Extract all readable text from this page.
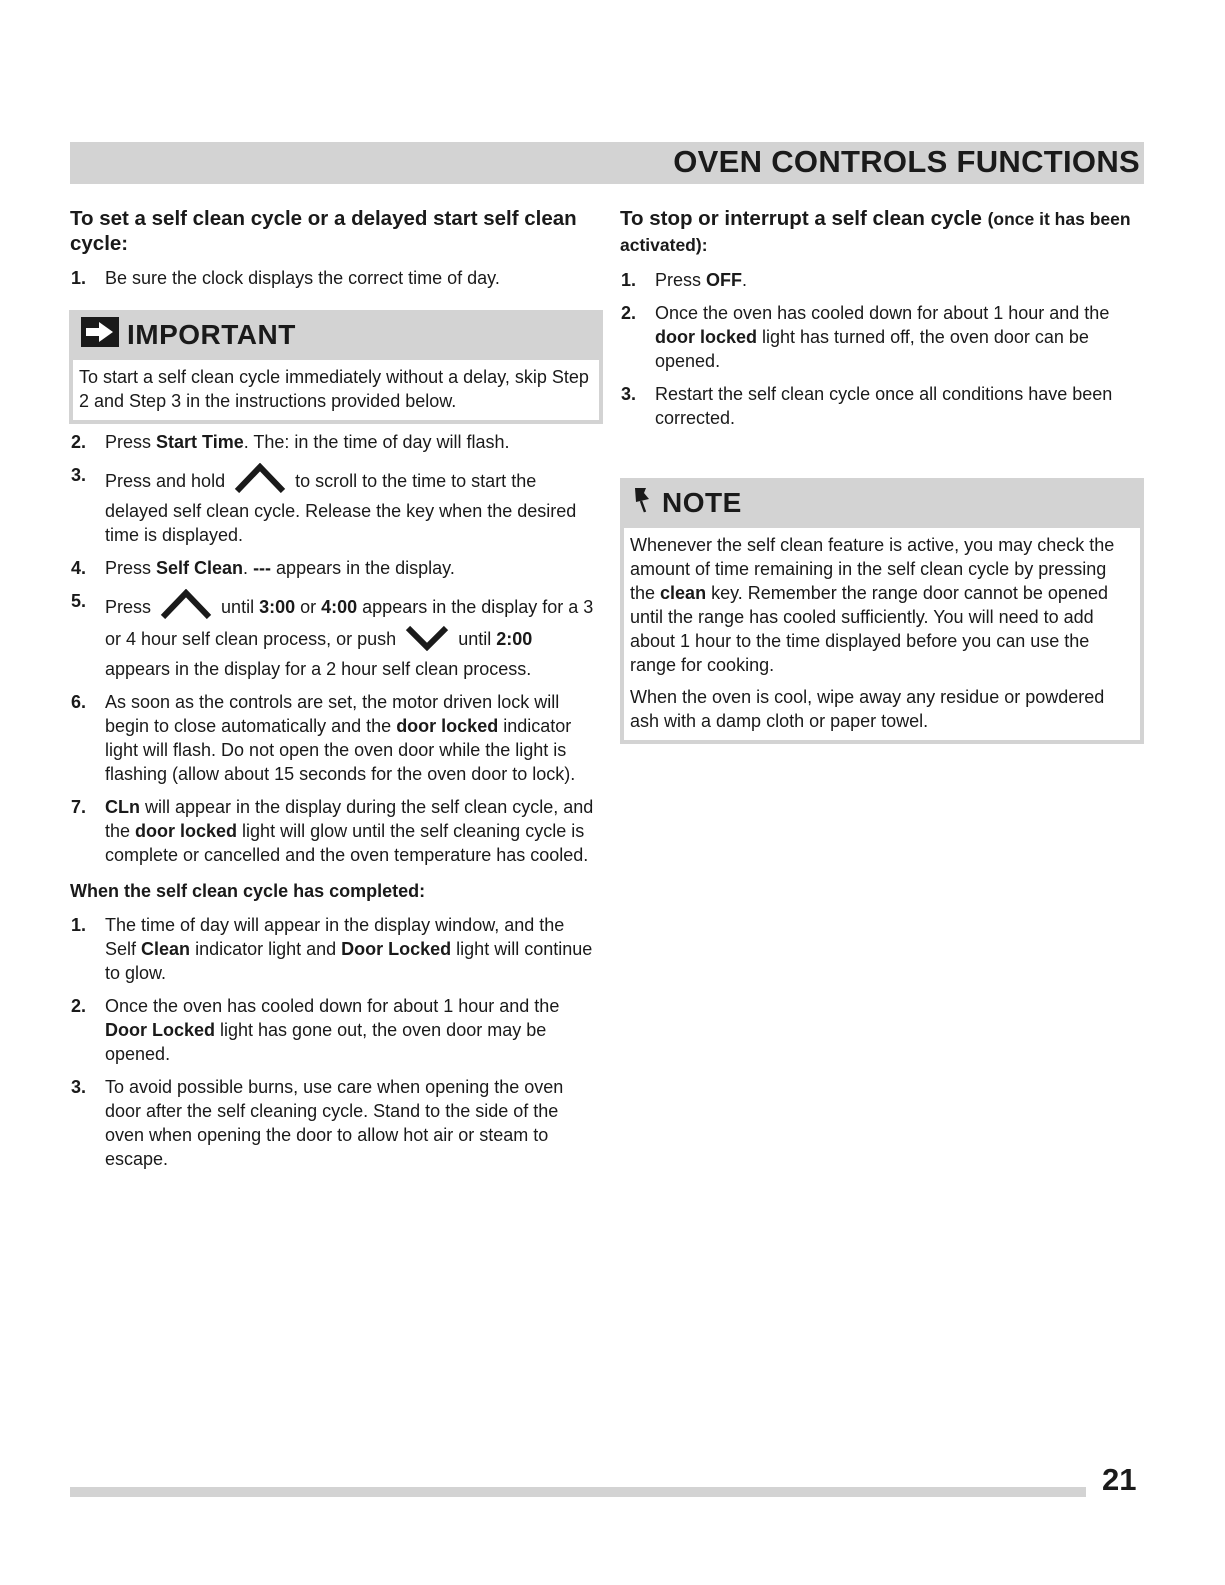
OVEN CONTROLS FUNCTIONS
To set a self clean cycle or a delayed start self clean cycle:
1. Be sure the clock displays the correct time of day.
IMPORTANT

To start a self clean cycle immediately without a delay, skip Step 2 and Step 3 in the instructions provided below.

2. Press Start Time. The: in the time of day will flash.
3. Press and hold	to scroll to the time to start the delayed self clean cycle. Release the key when the desired time is displayed.
4. Press Self Clean. --- appears in the display.
5. Press	until 3:00 or 4:00 appears in the display for a 3 or 4 hour self clean process, or push	until 2:00 appears in the display for a 2 hour self clean process.
6. As soon as the controls are set, the motor driven lock will begin to close automatically and the door locked indicator light will flash. Do not open the oven door while the light is flashing (allow about 15 seconds for the oven door to lock).
7. CLn will appear in the display during the self clean cycle, and the door locked light will glow until the self cleaning cycle is complete or cancelled and the oven temperature has cooled.
When the self clean cycle has completed:
1. The time of day will appear in the display window, and the Self Clean indicator light and Door Locked light will continue to glow.
2. Once the oven has cooled down for about 1 hour and the Door Locked light has gone out, the oven door may be opened.
3. To avoid possible burns, use care when opening the oven door after the self cleaning cycle. Stand to the side of the oven when opening the door to allow hot air or steam to escape.
To stop or interrupt a self clean cycle (once it has been activated):
1. Press OFF.
2. Once the oven has cooled down for about 1 hour and the door locked light has turned off, the oven door can be opened.
3. Restart the self clean cycle once all conditions have been corrected.
NOTE

Whenever the self clean feature is active, you may check the amount of time remaining in the self clean cycle by pressing the clean key. Remember the range door cannot be opened until the range has cooled sufficiently. You will need to add about 1 hour to the time displayed before you can use the range for cooking.

When the oven is cool, wipe away any residue or powdered ash with a damp cloth or paper towel.

21
